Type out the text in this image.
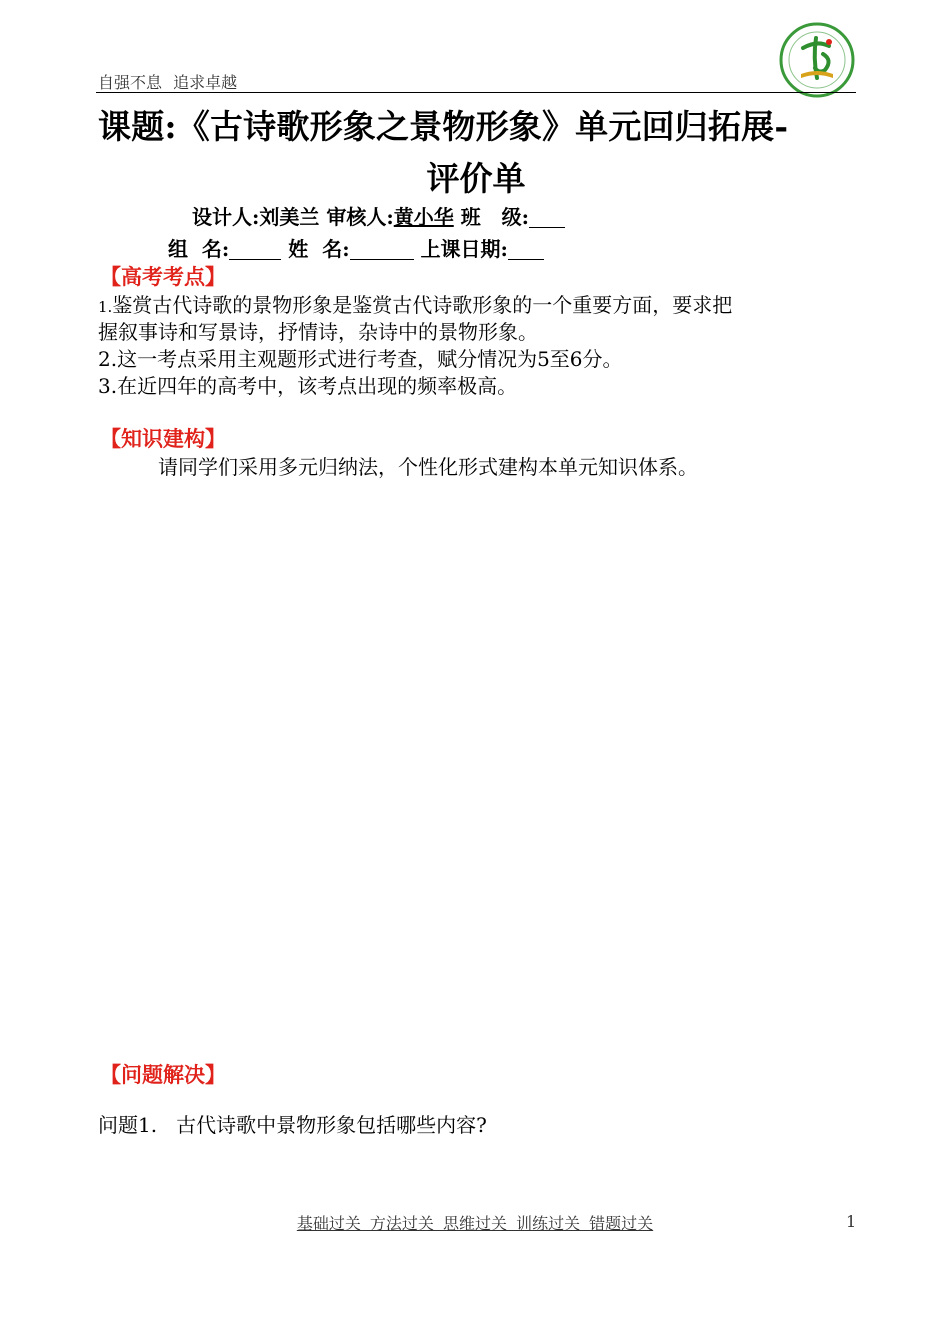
自强不息 追求卓越
课题:《古诗歌形象之景物形象》单元回归拓展-
评价单
设计人:刘美兰 审核人:黄小华 班   级:
组  名:	姓  名:	上课日期:
【高考考点】
1.鉴赏古代诗歌的景物形象是鉴赏古代诗歌形象的一个重要方面，要求把
握叙事诗和写景诗，抒情诗，杂诗中的景物形象。
2.这一考点采用主观题形式进行考查，赋分情况为5至6分。
3.在近四年的高考中，该考点出现的频率极高。
【知识建构】
请同学们采用多元归纳法，个性化形式建构本单元知识体系。
【问题解决】
问题1.   古代诗歌中景物形象包括哪些内容?
基础过关 方法过关 思维过关 训练过关 错题过关	1
